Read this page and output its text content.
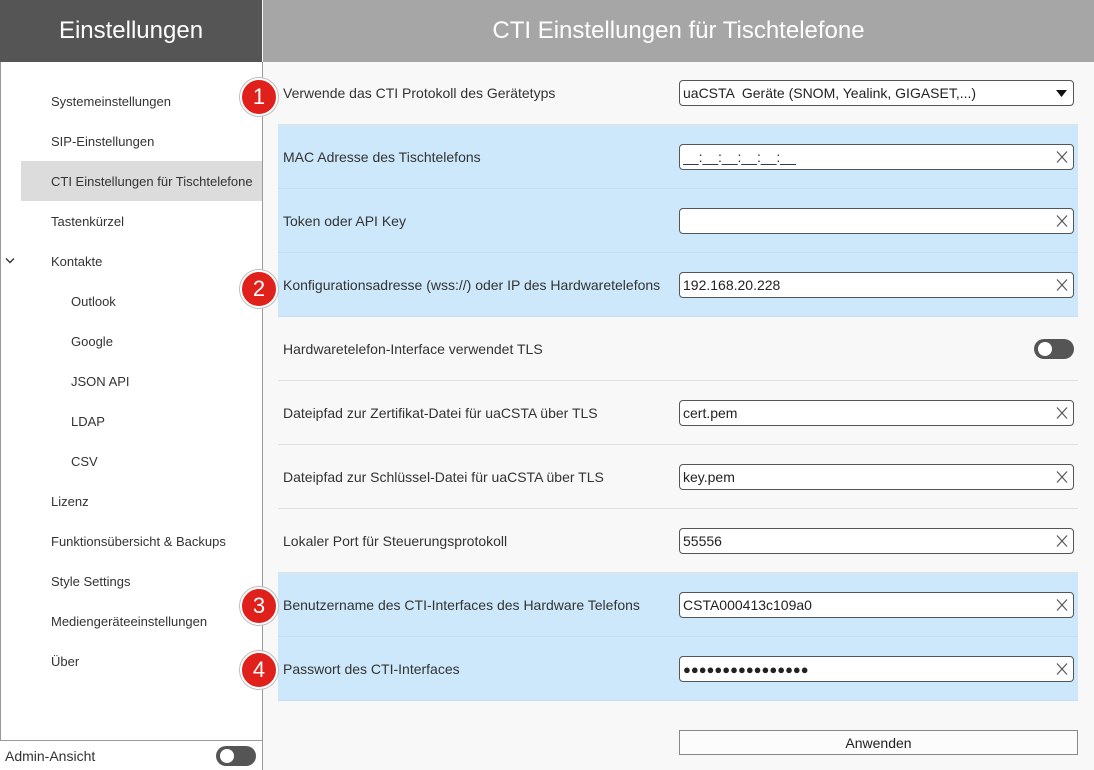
Einstellungen	CTI Einstellungen für Tischtelefone
Systemeinstellungen
SIP-Einstellungen
CTI Einstellungen für Tischtelefone
Tastenkürzel
Kontakte
Outlook
Google
JSON API
LDAP
CSV
Lizenz
Funktionsübersicht & Backups
Style Settings
Mediengeräteeinstellungen
Über
Admin-Ansicht
Verwende das CTI Protokoll des Gerätetyps	uaCSTA  Geräte (SNOM, Yealink, GIGASET,...)
MAC Adresse des Tischtelefons
__:__:__:__:__:__
Token oder API Key
Konfigurationsadresse (wss://) oder IP des Hardwaretelefons
192.168.20.228
Hardwaretelefon-Interface verwendet TLS
Dateipfad zur Zertifikat-Datei für uaCSTA über TLS
cert.pem
Dateipfad zur Schlüssel-Datei für uaCSTA über TLS
key.pem
Lokaler Port für Steuerungsprotokoll
55556
Benutzername des CTI-Interfaces des Hardware Telefons
CSTA000413c109a0
Passwort des CTI-Interfaces
●●●●●●●●●●●●●●●●
Anwenden
1
2
3
4
